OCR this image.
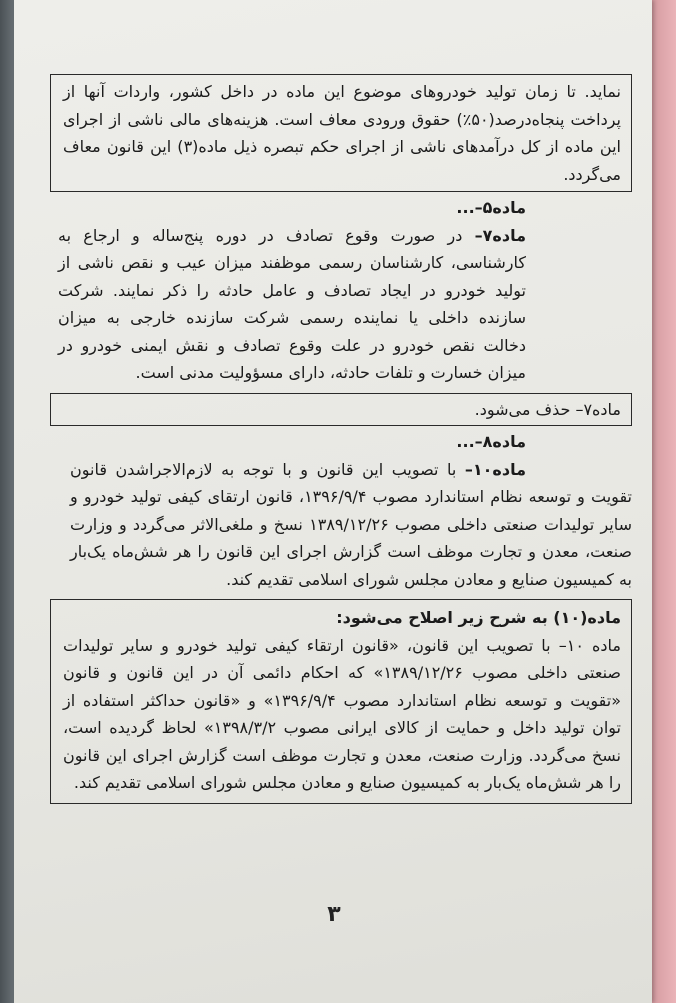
نماید. تا زمان تولید خودروهای موضوع این ماده در داخل کشور، واردات آنها از پرداخت پنجاه‌درصد(۵۰٪) حقوق ورودی معاف است. هزینه‌های مالی ناشی از اجرای این ماده از کل درآمدهای ناشی از اجرای حکم تبصره ذیل ماده(۳) این قانون معاف می‌گردد.
ماده۵–...
ماده۷– در صورت وقوع تصادف در دوره پنج‌ساله و ارجاع به کارشناسی، کارشناسان رسمی موظفند میزان عیب و نقص ناشی از تولید خودرو در ایجاد تصادف و عامل حادثه را ذکر نمایند. شرکت سازنده داخلی یا نماینده رسمی شرکت سازنده خارجی به میزان دخالت نقص خودرو در علت وقوع تصادف و نقش ایمنی خودرو در میزان خسارت و تلفات حادثه، دارای مسؤولیت مدنی است.
ماده۷– حذف می‌شود.
ماده۸–...
ماده۱۰– با تصویب این قانون و با توجه به لازم‌الاجراشدن قانون تقویت و توسعه نظام استاندارد مصوب ۱۳۹۶/۹/۴، قانون ارتقای کیفی تولید خودرو و سایر تولیدات صنعتی داخلی مصوب ۱۳۸۹/۱۲/۲۶ نسخ و ملغی‌الاثر می‌گردد و وزارت صنعت، معدن و تجارت موظف است گزارش اجرای این قانون را هر شش‌ماه یک‌بار به کمیسیون صنایع و معادن مجلس شورای اسلامی تقدیم کند.
ماده(۱۰) به شرح زیر اصلاح می‌شود:
ماده ۱۰– با تصویب این قانون، «قانون ارتقاء کیفی تولید خودرو و سایر تولیدات صنعتی داخلی مصوب ۱۳۸۹/۱۲/۲۶» که احکام دائمی آن در این قانون و قانون «تقویت و توسعه نظام استاندارد مصوب ۱۳۹۶/۹/۴» و «قانون حداکثر استفاده از توان تولید داخل و حمایت از کالای ایرانی مصوب ۱۳۹۸/۳/۲» لحاظ گردیده است، نسخ می‌گردد. وزارت صنعت، معدن و تجارت موظف است گزارش اجرای این قانون را هر شش‌ماه یک‌بار به کمیسیون صنایع و معادن مجلس شورای اسلامی تقدیم کند.
۳
